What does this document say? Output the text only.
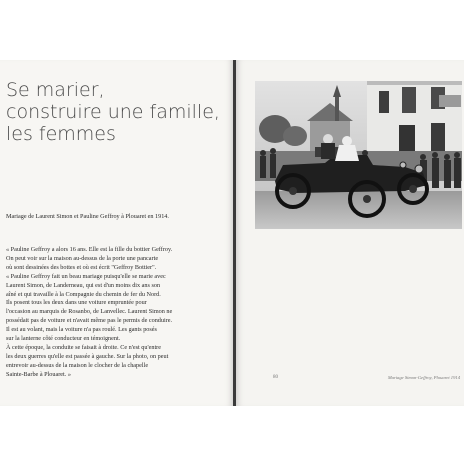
Se marier,
construire une famille,
les femmes

Mariage de Laurent Simon et Pauline Geffroy à Plouaret en 1914.

« Pauline Geffroy a alors 16 ans. Elle est la fille du bottier Geffroy.
On peut voir sur la maison au-dessus de la porte une pancarte
où sont dessinées des bottes et où est écrit "Geffroy Bottier".
« Pauline Geffroy fait un beau mariage puisqu'elle se marie avec
Laurent Simon, de Landerneau, qui est d'un moins dix ans son
aîné et qui travaille à la Compagnie du chemin de fer du Nord.
Ils posent tous les deux dans une voiture empruntée pour
l'occasion au marquis de Rosanbo, de Lanvellec. Laurent Simon ne
possédait pas de voiture et n'avait même pas le permis de conduire.
Il est au volant, mais la voiture n'a pas roulé. Les gants posés
sur la lanterne côté conducteur en témoignent.
À cette époque, la conduite se faisait à droite. Ce n'est qu'entre
les deux guerres qu'elle est passée à gauche. Sur la photo, on peut
entrevoir au-dessus de la maison le clocher de la chapelle
Sainte-Barbe à Plouaret. »	80	Mariage Simon-Geffroy, Plouaret 1914
